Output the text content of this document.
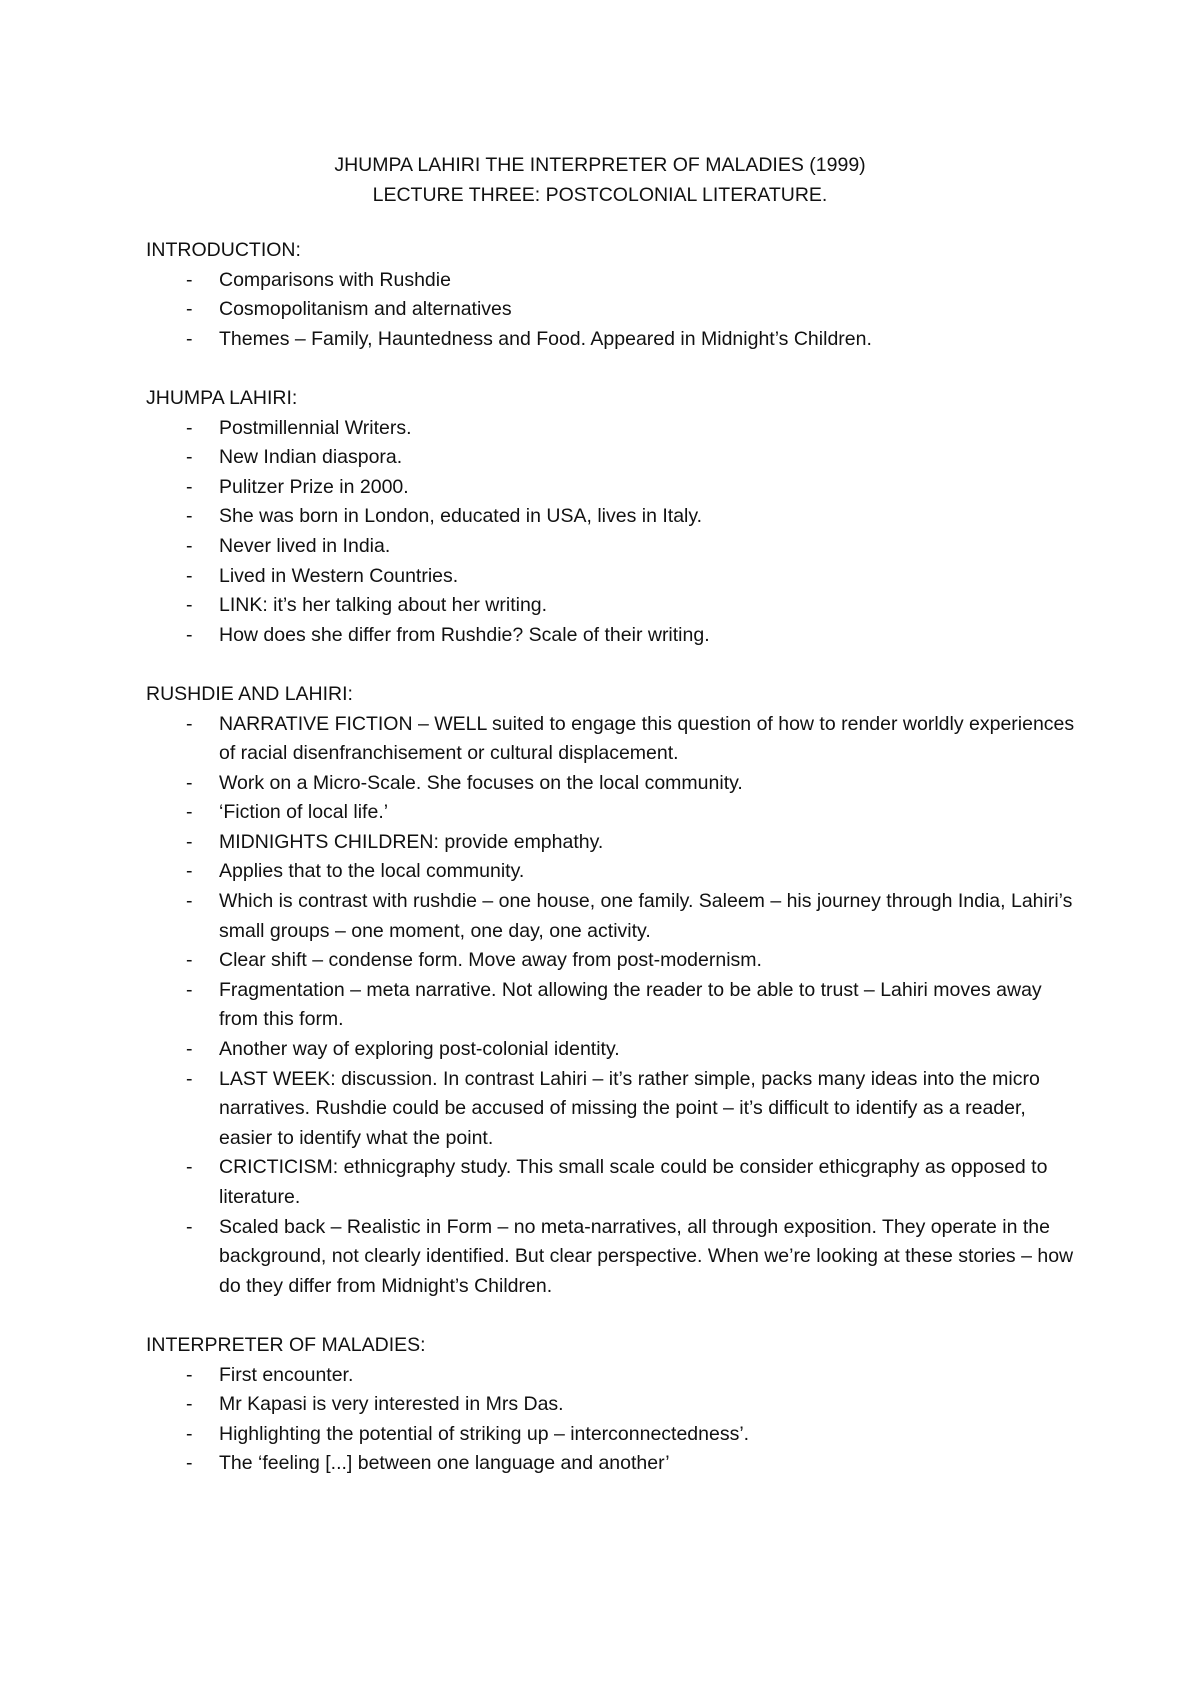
JHUMPA LAHIRI THE INTERPRETER OF MALADIES (1999)
LECTURE THREE: POSTCOLONIAL LITERATURE.
INTRODUCTION:
- Comparisons with Rushdie
- Cosmopolitanism and alternatives
- Themes – Family, Hauntedness and Food. Appeared in Midnight’s Children.
JHUMPA LAHIRI:
- Postmillennial Writers.
- New Indian diaspora.
- Pulitzer Prize in 2000.
- She was born in London, educated in USA, lives in Italy.
- Never lived in India.
- Lived in Western Countries.
- LINK: it’s her talking about her writing.
- How does she differ from Rushdie? Scale of their writing.
RUSHDIE AND LAHIRI:
- NARRATIVE FICTION – WELL suited to engage this question of how to render worldly experiences of racial disenfranchisement or cultural displacement.
- Work on a Micro-Scale. She focuses on the local community.
- ‘Fiction of local life.’
- MIDNIGHTS CHILDREN: provide emphathy.
- Applies that to the local community.
- Which is contrast with rushdie – one house, one family. Saleem – his journey through India, Lahiri’s small groups – one moment, one day, one activity.
- Clear shift – condense form. Move away from post-modernism.
- Fragmentation – meta narrative. Not allowing the reader to be able to trust – Lahiri moves away from this form.
- Another way of exploring post-colonial identity.
- LAST WEEK: discussion. In contrast Lahiri – it’s rather simple, packs many ideas into the micro narratives. Rushdie could be accused of missing the point – it’s difficult to identify as a reader, easier to identify what the point.
- CRICTICISM: ethnicgraphy study. This small scale could be consider ethicgraphy as opposed to literature.
- Scaled back – Realistic in Form – no meta-narratives, all through exposition. They operate in the background, not clearly identified. But clear perspective. When we’re looking at these stories – how do they differ from Midnight’s Children.
INTERPRETER OF MALADIES:
- First encounter.
- Mr Kapasi is very interested in Mrs Das.
- Highlighting the potential of striking up – interconnectedness’.
- The ‘feeling [...] between one language and another’
